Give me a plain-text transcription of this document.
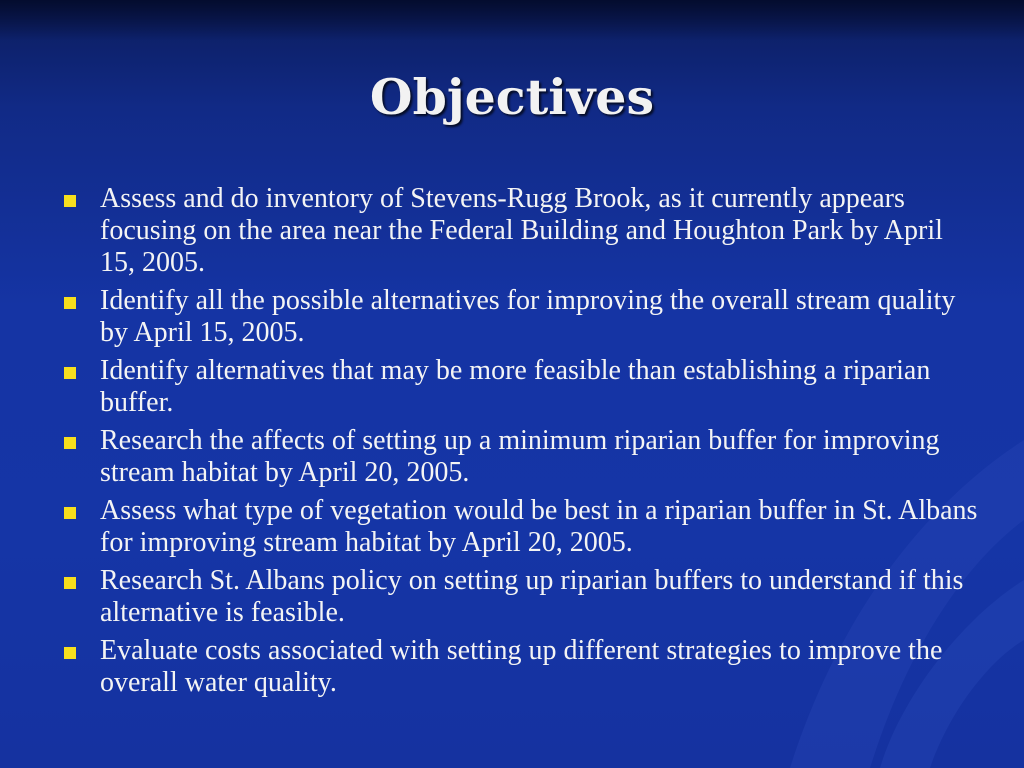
Objectives
Assess and do inventory of Stevens-Rugg Brook, as it currently appears focusing on the area near the Federal Building and Houghton Park by April 15, 2005.
Identify all the possible alternatives for improving the overall stream quality by April 15, 2005.
Identify alternatives that may be more feasible than establishing a riparian buffer.
Research the affects of setting up a minimum riparian buffer for improving stream habitat by April 20, 2005.
Assess what type of vegetation would be best in a riparian buffer in St. Albans for improving stream habitat by April 20, 2005.
Research St. Albans policy on setting up riparian buffers to understand if this alternative is feasible.
Evaluate costs associated with setting up different strategies to improve the overall water quality.
